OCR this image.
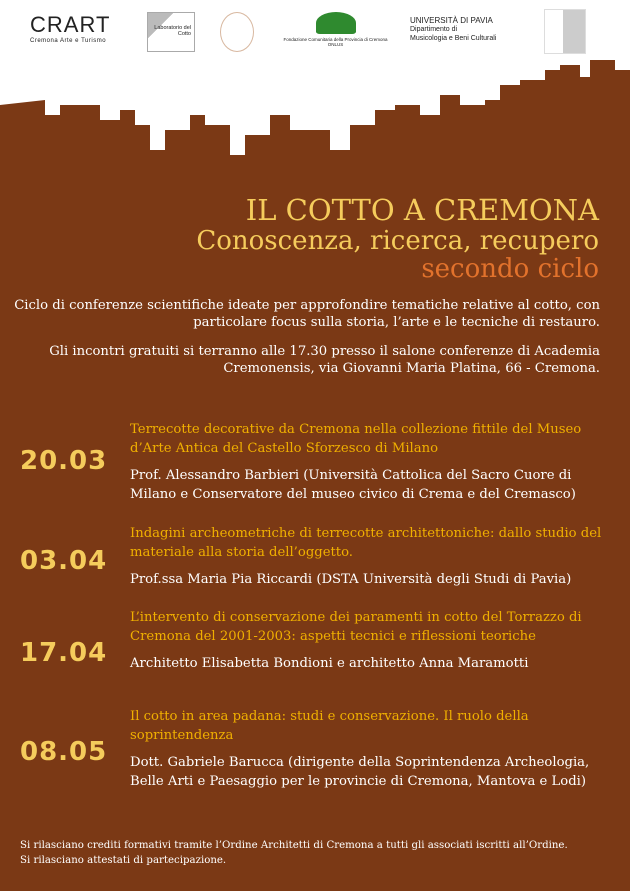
CRART
Cremona Arte e Turismo
Laboratorio del Cotto
Fondazione Comunitaria della Provincia di Cremona
ONLUS
UNIVERSITÀ DI PAVIA
Dipartimento di
Musicologia e Beni Culturali
IL COTTO A CREMONA
Conoscenza, ricerca, recupero
secondo ciclo

Ciclo di conferenze scientifiche ideate per approfondire tematiche relative al cotto, con particolare focus sulla storia, l’arte e le tecniche di restauro.

Gli incontri gratuiti si terranno alle 17.30 presso il salone conferenze di Academia Cremonensis, via Giovanni Maria Platina, 66 - Cremona.

20.03
Terrecotte decorative da Cremona nella collezione fittile del Museo d’Arte Antica del Castello Sforzesco di Milano
Prof. Alessandro Barbieri (Università Cattolica del Sacro Cuore di Milano e Conservatore del museo civico di Crema e del Cremasco)
03.04
Indagini archeometriche di terrecotte architettoniche: dallo studio del materiale alla storia dell’oggetto.
Prof.ssa Maria Pia Riccardi (DSTA Università degli Studi di Pavia)
17.04
L’intervento di conservazione dei paramenti in cotto del Torrazzo di Cremona del 2001-2003: aspetti tecnici e riflessioni teoriche
Architetto Elisabetta Bondioni e architetto Anna Maramotti
08.05
Il cotto in area padana: studi e conservazione. Il ruolo della soprintendenza
Dott. Gabriele Barucca (dirigente della Soprintendenza Archeologia, Belle Arti e Paesaggio per le provincie di Cremona, Mantova e Lodi)
Si rilasciano crediti formativi tramite l’Ordine Architetti di Cremona a tutti gli associati iscritti all’Ordine.
Si rilasciano attestati di partecipazione.
